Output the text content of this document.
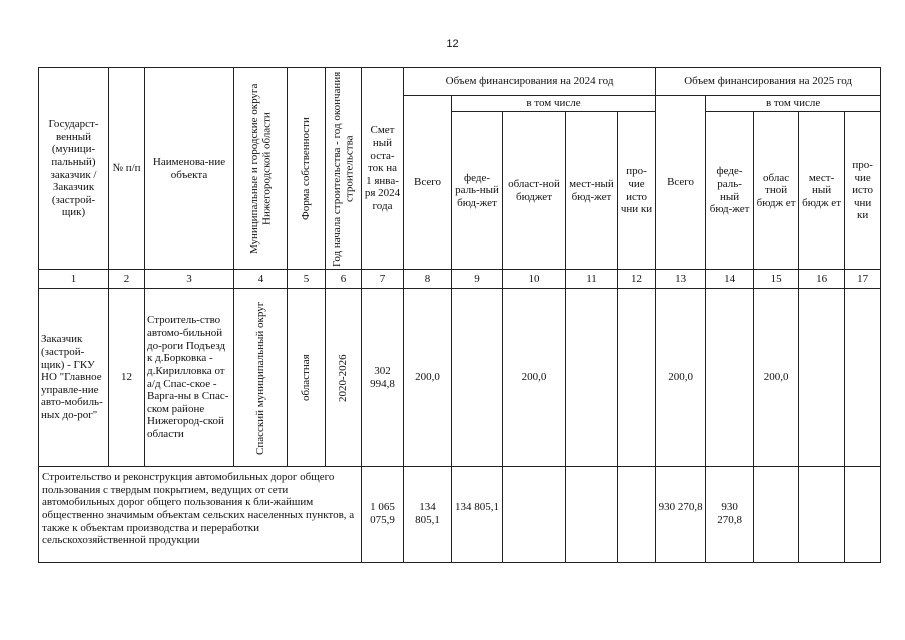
12
Государст-венный (муници-пальный) заказчик / Заказчик (застрой-щик)	№ п/п	Наименова-ние объекта	Муниципальные и городские округа Нижегородской области	Форма собственности	Год начала строительства - год окончания строительства	Смет ный оста-ток на 1 янва-ря 2024 года	Объем финансирования на 2024 год					Объем финансирования на 2025 год				
							Всего	в том числе				Всего	в том числе			
								феде-раль-ный бюд-жет	област-ной бюджет	мест-ный бюд-жет	про-чие исто чни ки		феде-раль-ный бюд-жет	облас тной бюдж ет	мест-ный бюдж ет	про-чие исто чни ки
1	2	3	4	5	6	7	8	9	10	11	12	13	14	15	16	17
Заказчик (застрой-щик) - ГКУ НО "Главное управле-ние авто-мобиль-ных до-рог"	12	Строитель-ство автомо-бильной до-роги Подъезд к д.Борковка - д.Кирилловка от а/д Спас-ское - Варга-ны в Спас-ском районе Нижегород-ской области	Спасский муниципальный округ	областная	2020-2026	302 994,8	200,0		200,0			200,0		200,0		
Строительство и реконструкция автомобильных дорог общего пользования с твердым покрытием, ведущих от сети автомобильных дорог общего пользования к бли-жайшим общественно значимым объектам сельских населенных пунктов, а также к объектам производства и переработки сельскохозяйственной продукции						1 065 075,9	134 805,1	134 805,1				930 270,8	930 270,8			
